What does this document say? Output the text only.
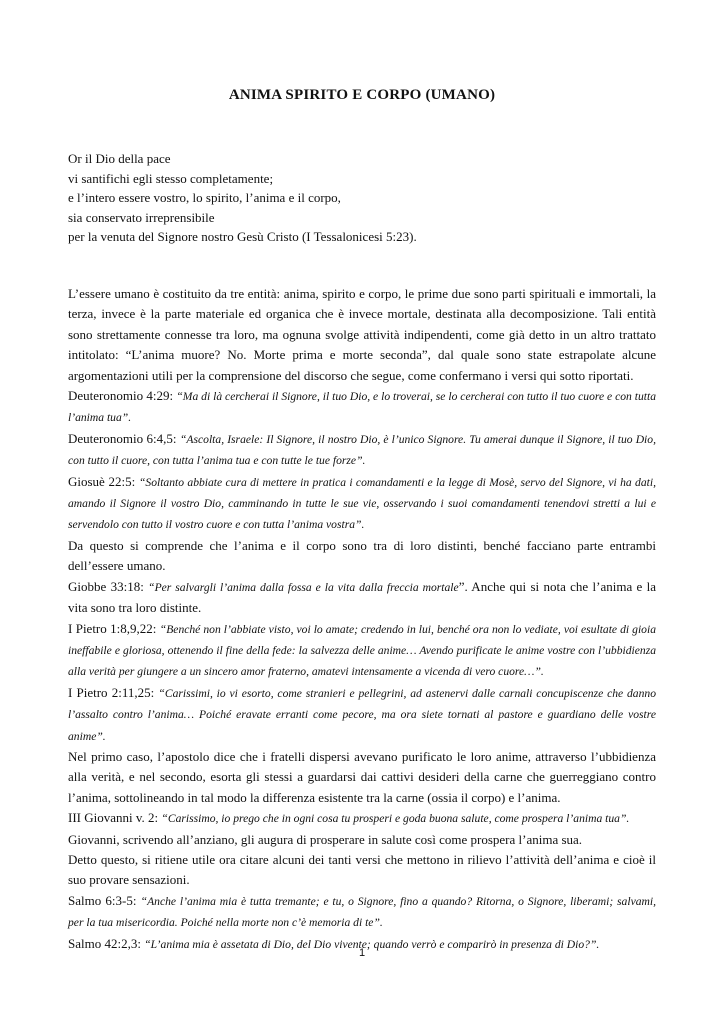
ANIMA SPIRITO E CORPO (UMANO)
Or il Dio della pace
vi santifichi egli stesso completamente;
e l’intero essere vostro, lo spirito, l’anima e il corpo,
sia conservato irreprensibile
per la venuta del Signore nostro Gesù Cristo (I Tessalonicesi 5:23).

L’essere umano è costituito da tre entità: anima, spirito e corpo, le prime due sono parti spirituali e immortali, la terza, invece è la parte materiale ed organica che è invece mortale, destinata alla decomposizione. Tali entità sono strettamente connesse tra loro, ma ognuna svolge attività indipendenti, come già detto in un altro trattato intitolato: “L’anima muore? No. Morte prima e morte seconda”, dal quale sono state estrapolate alcune argomentazioni utili per la comprensione del discorso che segue, come confermano i versi qui sotto riportati.

Deuteronomio 4:29: “Ma di là cercherai il Signore, il tuo Dio, e lo troverai, se lo cercherai con tutto il tuo cuore e con tutta l’anima tua”.

Deuteronomio 6:4,5: “Ascolta, Israele: Il Signore, il nostro Dio, è l’unico Signore. Tu amerai dunque il Signore, il tuo Dio, con tutto il cuore, con tutta l’anima tua e con tutte le tue forze”.

Giosuè 22:5: “Soltanto abbiate cura di mettere in pratica i comandamenti e la legge di Mosè, servo del Signore, vi ha dati, amando il Signore il vostro Dio, camminando in tutte le sue vie, osservando i suoi comandamenti tenendovi stretti a lui e servendolo con tutto il vostro cuore e con tutta l’anima vostra”.

Da questo si comprende che l’anima e il corpo sono tra di loro distinti, benché facciano parte entrambi dell’essere umano.

Giobbe 33:18: “Per salvargli l’anima dalla fossa e la vita dalla freccia mortale”. Anche qui si nota che l’anima e la vita sono tra loro distinte.

I Pietro 1:8,9,22: “Benché non l’abbiate visto, voi lo amate; credendo in lui, benché ora non lo vediate, voi esultate di gioia ineffabile e gloriosa, ottenendo il fine della fede: la salvezza delle anime… Avendo purificate le anime vostre con l’ubbidienza alla verità per giungere a un sincero amor fraterno, amatevi intensamente a vicenda di vero cuore…”.

I Pietro 2:11,25: “Carissimi, io vi esorto, come stranieri e pellegrini, ad astenervi dalle carnali concupiscenze che danno l’assalto contro l’anima… Poiché eravate erranti come pecore, ma ora siete tornati al pastore e guardiano delle vostre anime”.

Nel primo caso, l’apostolo dice che i fratelli dispersi avevano purificato le loro anime, attraverso l’ubbidienza alla verità, e nel secondo, esorta gli stessi a guardarsi dai cattivi desideri della carne che guerreggiano contro l’anima, sottolineando in tal modo la differenza esistente tra la carne (ossia il corpo) e l’anima.

III Giovanni v. 2: “Carissimo, io prego che in ogni cosa tu prosperi e goda buona salute, come prospera l’anima tua”.

Giovanni, scrivendo all’anziano, gli augura di prosperare in salute così come prospera l’anima sua.

Detto questo, si ritiene utile ora citare alcuni dei tanti versi che mettono in rilievo l’attività dell’anima e cioè il suo provare sensazioni.

Salmo 6:3-5: “Anche l’anima mia è tutta tremante; e tu, o Signore, fino a quando? Ritorna, o Signore, liberami; salvami, per la tua misericordia. Poiché nella morte non c’è memoria di te”.

Salmo 42:2,3: “L’anima mia è assetata di Dio, del Dio vivente; quando verrò e comparirò in presenza di Dio?”.

1
